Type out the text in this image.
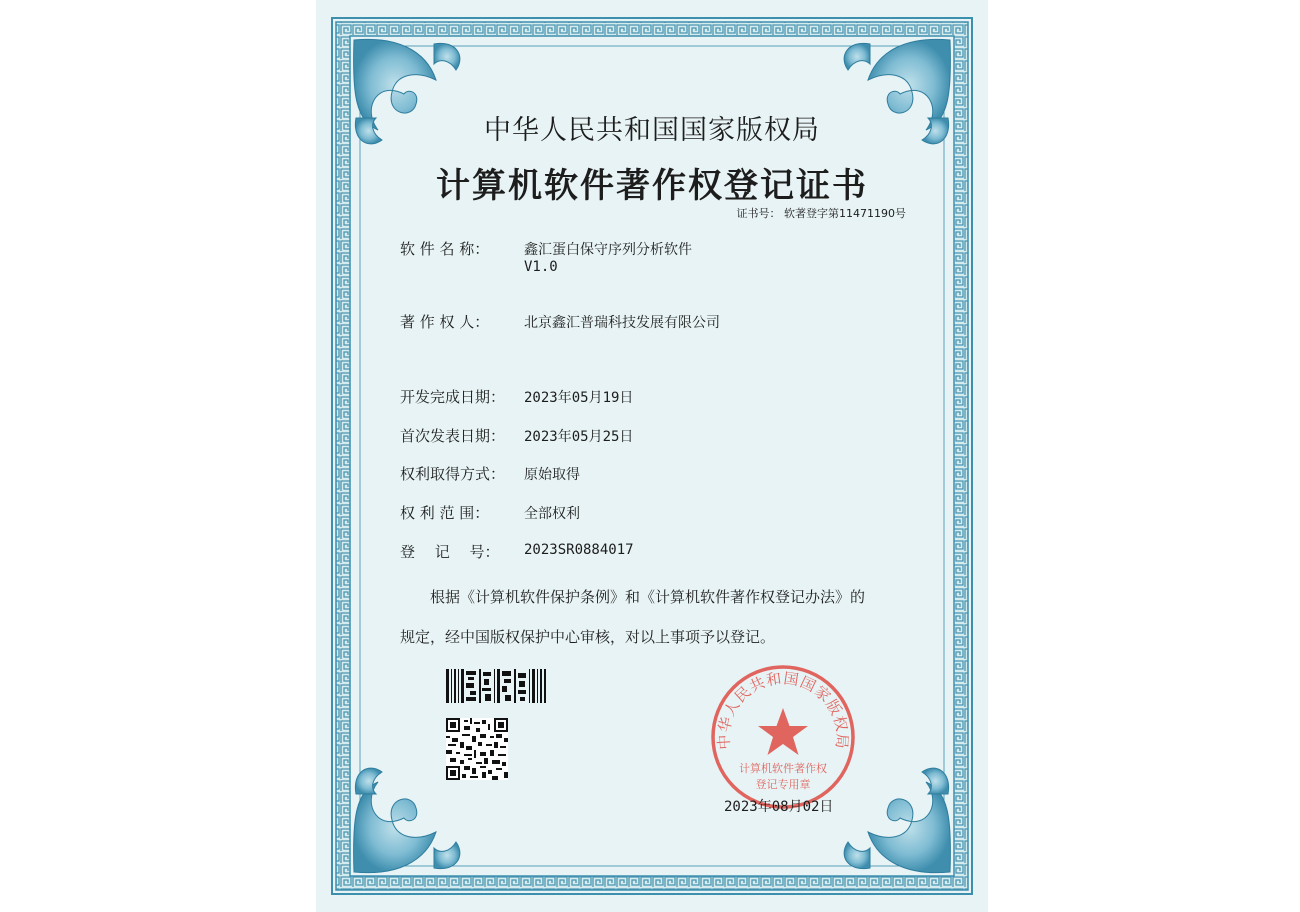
中华人民共和国国家版权局
计算机软件著作权登记证书
证书号： 软著登字第11471190号
软 件 名 称： 鑫汇蛋白保守序列分析软件
V1.0
著 作 权 人： 北京鑫汇普瑞科技发展有限公司
开发完成日期： 2023年05月19日
首次发表日期： 2023年05月25日
权利取得方式： 原始取得
权 利 范 围： 全部权利
登　 记　 号： 2023SR0884017
根据《计算机软件保护条例》和《计算机软件著作权登记办法》的
规定，经中国版权保护中心审核，对以上事项予以登记。
中华人民共和国国家版权局
计算机软件著作权
登记专用章
2023年08月02日
